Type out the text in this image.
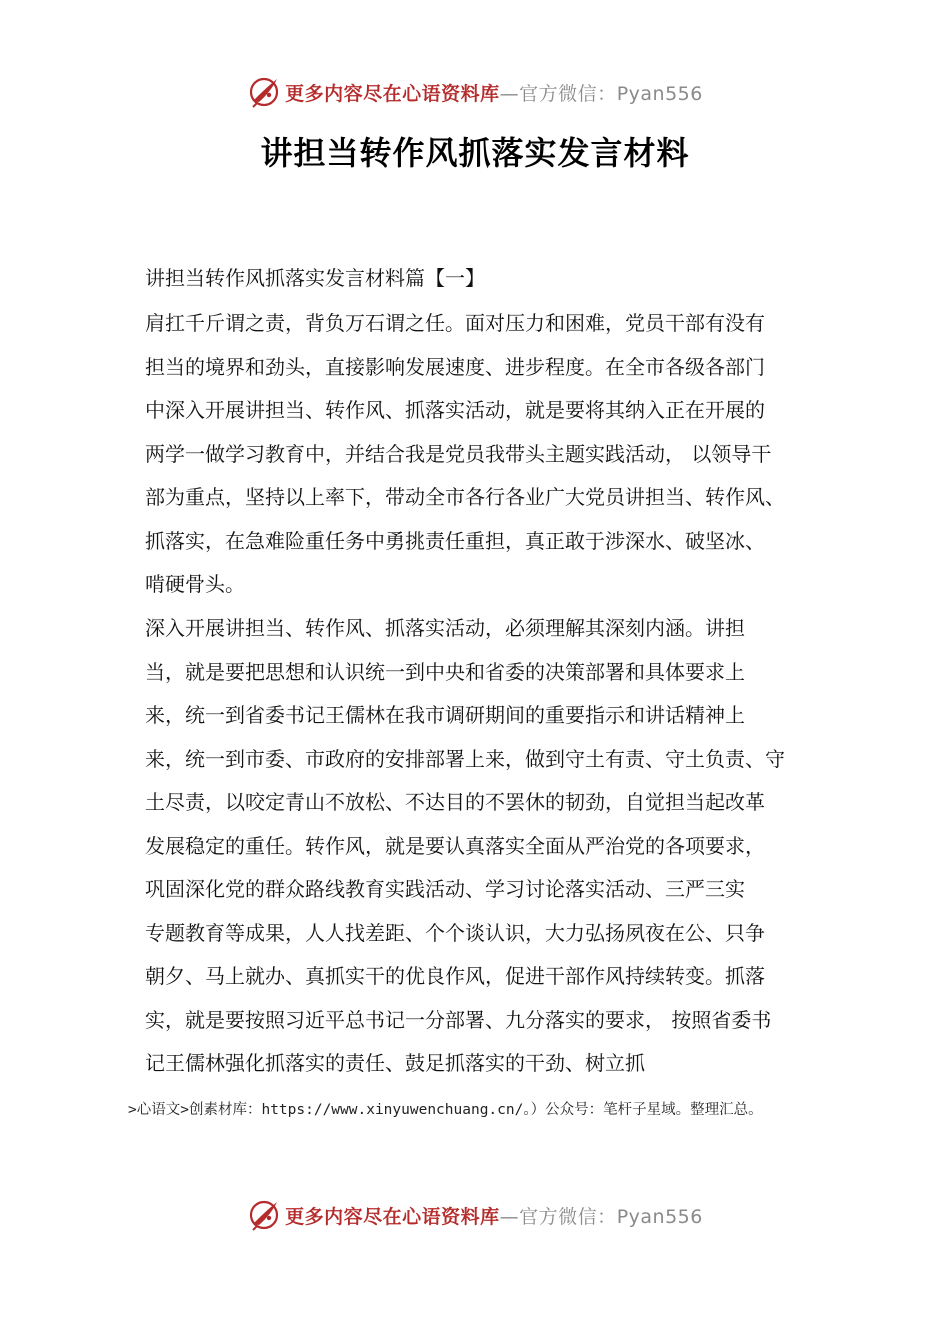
更多内容尽在心语资料库—官方微信：Pyan556
讲担当转作风抓落实发言材料
讲担当转作风抓落实发言材料篇【一】
肩扛千斤谓之责，背负万石谓之任。面对压力和困难，党员干部有没有
担当的境界和劲头，直接影响发展速度、进步程度。在全市各级各部门
中深入开展讲担当、转作风、抓落实活动，就是要将其纳入正在开展的
两学一做学习教育中，并结合我是党员我带头主题实践活动， 以领导干
部为重点，坚持以上率下，带动全市各行各业广大党员讲担当、转作风、
抓落实，在急难险重任务中勇挑责任重担，真正敢于涉深水、破坚冰、
啃硬骨头。
深入开展讲担当、转作风、抓落实活动，必须理解其深刻内涵。讲担
当，就是要把思想和认识统一到中央和省委的决策部署和具体要求上
来，统一到省委书记王儒林在我市调研期间的重要指示和讲话精神上
来，统一到市委、市政府的安排部署上来，做到守土有责、守土负责、守
土尽责，以咬定青山不放松、不达目的不罢休的韧劲，自觉担当起改革
发展稳定的重任。转作风，就是要认真落实全面从严治党的各项要求，
巩固深化党的群众路线教育实践活动、学习讨论落实活动、三严三实
专题教育等成果，人人找差距、个个谈认识，大力弘扬夙夜在公、只争
朝夕、马上就办、真抓实干的优良作风，促进干部作风持续转变。抓落
实，就是要按照习近平总书记一分部署、九分落实的要求， 按照省委书
记王儒林强化抓落实的责任、鼓足抓落实的干劲、树立抓
>心语文>创素材库：https://www.xinyuwenchuang.cn/。）公众号：笔杆子星域。整理汇总。
更多内容尽在心语资料库—官方微信：Pyan556
